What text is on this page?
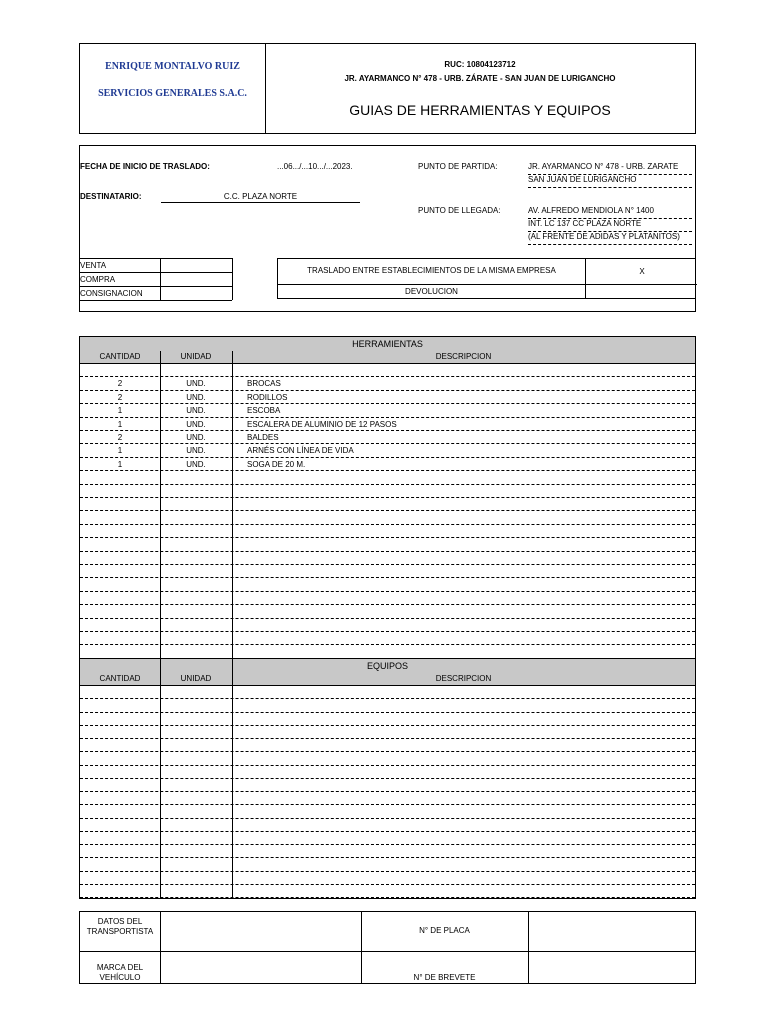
ENRIQUE MONTALVO RUIZ
SERVICIOS GENERALES S.A.C.
RUC: 10804123712
JR. AYARMANCO N° 478 - URB. ZÁRATE - SAN JUAN DE LURIGANCHO
GUIAS DE HERRAMIENTAS Y EQUIPOS
FECHA DE INICIO DE TRASLADO:	...06.../...10.../...2023.
DESTINATARIO:	C.C. PLAZA NORTE
PUNTO DE PARTIDA:	JR. AYARMANCO N° 478 - URB. ZARATE
SAN JUAN DE LURIGANCHO
PUNTO DE LLEGADA:	AV. ALFREDO MENDIOLA N° 1400
INT. LC 137 CC PLAZA NORTE
(AL FRENTE DE ADIDAS Y PLATANITOS)
VENTA
COMPRA
CONSIGNACION
TRASLADO ENTRE ESTABLECIMIENTOS DE LA MISMA EMPRESA	X
DEVOLUCION
HERRAMIENTAS
CANTIDAD	UNIDAD	DESCRIPCION
2	UND.	BROCAS
2	UND.	RODILLOS
1	UND.	ESCOBA
1	UND.	ESCALERA DE ALUMINIO DE 12 PASOS
2	UND.	BALDES
1	UND.	ARNÉS CON LÍNEA DE VIDA
1	UND.	SOGA DE 20 M.
EQUIPOS
CANTIDAD	UNIDAD	DESCRIPCION
DATOS DEL TRANSPORTISTA	N° DE PLACA
MARCA DEL VEHÍCULO	N° DE BREVETE
